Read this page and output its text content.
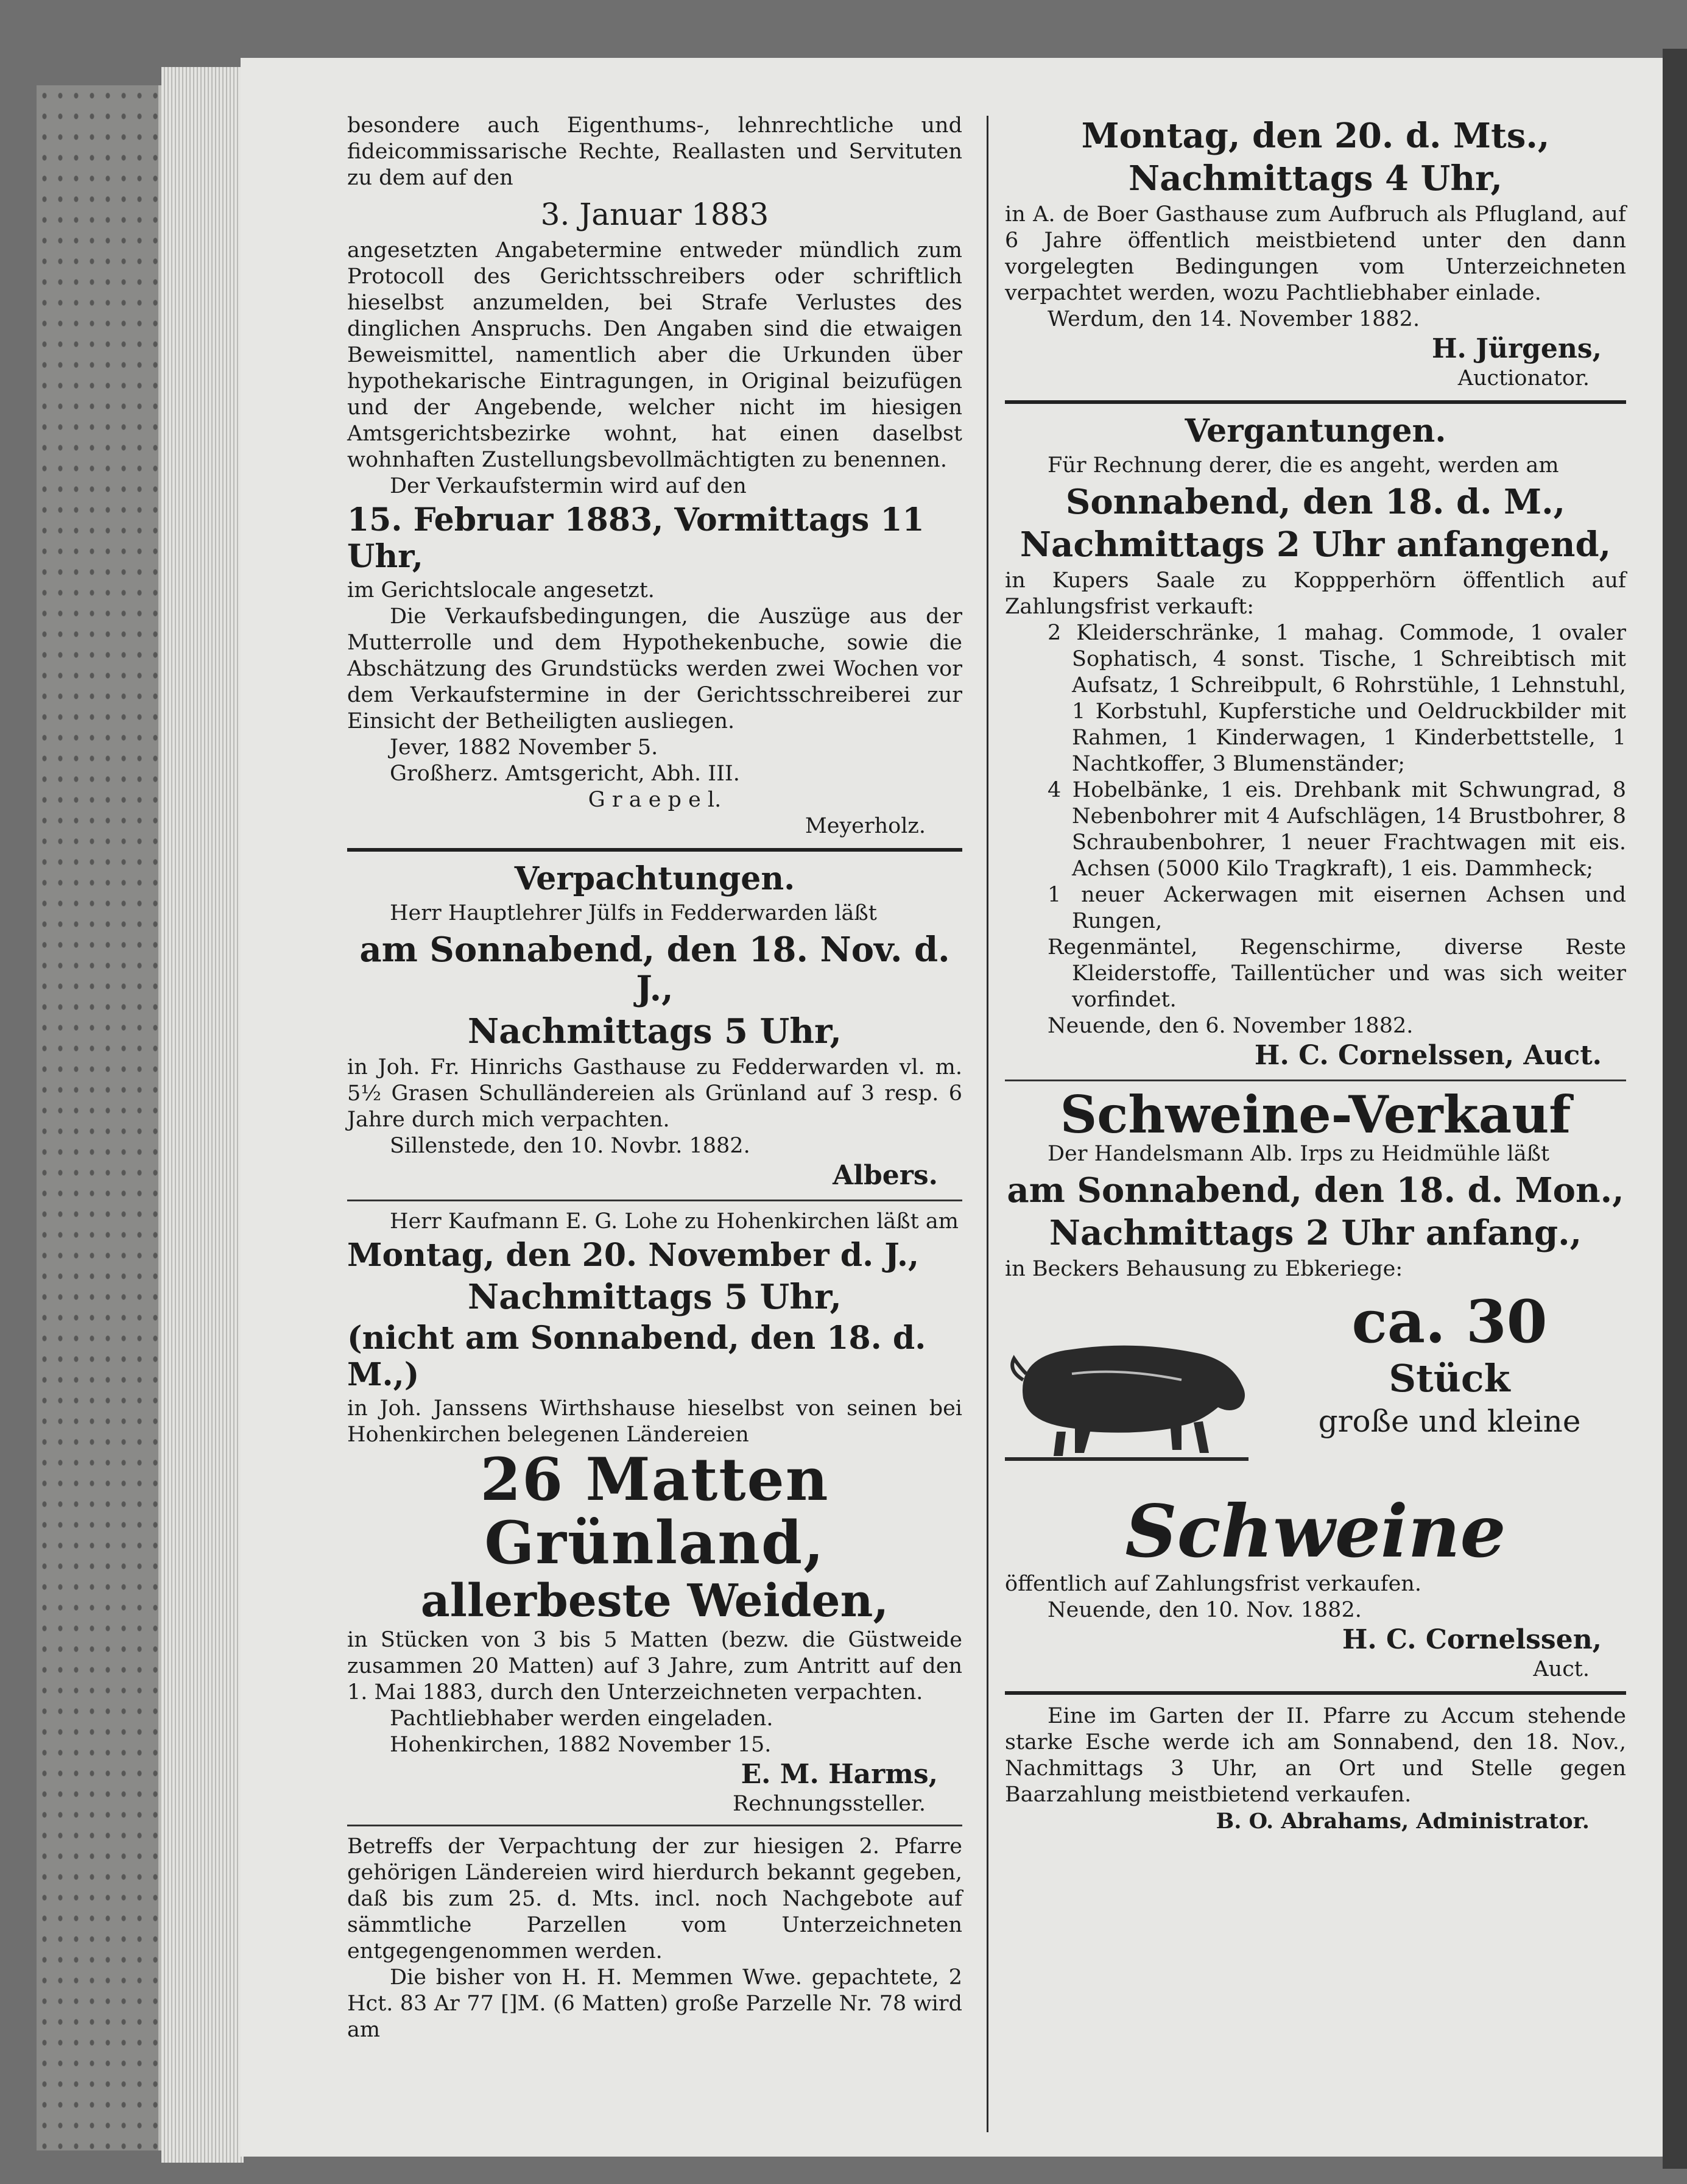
besondere auch Eigenthums-, lehnrechtliche und fideicommissarische Rechte, Reallasten und Servituten zu dem auf den

3. Januar 1883

angesetzten Angabetermine entweder mündlich zum Protocoll des Gerichtsschreibers oder schriftlich hieselbst anzumelden, bei Strafe Verlustes des dinglichen Anspruchs. Den Angaben sind die etwaigen Beweismittel, namentlich aber die Urkunden über hypothekarische Eintragungen, in Original beizufügen und der Angebende, welcher nicht im hiesigen Amtsgerichtsbezirke wohnt, hat einen daselbst wohnhaften Zustellungsbevollmächtigten zu benennen.

Der Verkaufstermin wird auf den

15. Februar 1883, Vormittags 11 Uhr,

im Gerichtslocale angesetzt.

Die Verkaufsbedingungen, die Auszüge aus der Mutterrolle und dem Hypothekenbuche, sowie die Abschätzung des Grundstücks werden zwei Wochen vor dem Verkaufstermine in der Gerichtsschreiberei zur Einsicht der Betheiligten ausliegen.

Jever, 1882 November 5.

Großherz. Amtsgericht, Abh. III.

G r a e p e l.

Meyerholz.

Verpachtungen.

Herr Hauptlehrer Jülfs in Fedderwarden läßt

am Sonnabend, den 18. Nov. d. J.,
Nachmittags 5 Uhr,

in Joh. Fr. Hinrichs Gasthause zu Fedderwarden vl. m. 5½ Grasen Schulländereien als Grünland auf 3 resp. 6 Jahre durch mich verpachten.

Sillenstede, den 10. Novbr. 1882.

Albers.

Herr Kaufmann E. G. Lohe zu Hohenkirchen läßt am

Montag, den 20. November d. J.,
Nachmittags 5 Uhr,
(nicht am Sonnabend, den 18. d. M.,)

in Joh. Janssens Wirthshause hieselbst von seinen bei Hohenkirchen belegenen Ländereien

26 Matten Grünland,
allerbeste Weiden,

in Stücken von 3 bis 5 Matten (bezw. die Güstweide zusammen 20 Matten) auf 3 Jahre, zum Antritt auf den 1. Mai 1883, durch den Unterzeichneten verpachten.

Pachtliebhaber werden eingeladen.

Hohenkirchen, 1882 November 15.

E. M. Harms,

Rechnungssteller.

Betreffs der Verpachtung der zur hiesigen 2. Pfarre gehörigen Ländereien wird hierdurch bekannt gegeben, daß bis zum 25. d. Mts. incl. noch Nachgebote auf sämmtliche Parzellen vom Unterzeichneten entgegengenommen werden.

Die bisher von H. H. Memmen Wwe. gepachtete, 2 Hct. 83 Ar 77 []M. (6 Matten) große Parzelle Nr. 78 wird am

Montag, den 20. d. Mts.,
Nachmittags 4 Uhr,

in A. de Boer Gasthause zum Aufbruch als Pflugland, auf 6 Jahre öffentlich meistbietend unter den dann vorgelegten Bedingungen vom Unterzeichneten verpachtet werden, wozu Pachtliebhaber einlade.

Werdum, den 14. November 1882.

H. Jürgens,

Auctionator.

Vergantungen.

Für Rechnung derer, die es angeht, werden am

Sonnabend, den 18. d. M.,
Nachmittags 2 Uhr anfangend,

in Kupers Saale zu Koppperhörn öffentlich auf Zahlungsfrist verkauft:

2 Kleiderschränke, 1 mahag. Commode, 1 ovaler Sophatisch, 4 sonst. Tische, 1 Schreibtisch mit Aufsatz, 1 Schreibpult, 6 Rohrstühle, 1 Lehnstuhl, 1 Korbstuhl, Kupferstiche und Oeldruckbilder mit Rahmen, 1 Kinderwagen, 1 Kinderbettstelle, 1 Nachtkoffer, 3 Blumenständer;

4 Hobelbänke, 1 eis. Drehbank mit Schwungrad, 8 Nebenbohrer mit 4 Aufschlägen, 14 Brustbohrer, 8 Schraubenbohrer, 1 neuer Frachtwagen mit eis. Achsen (5000 Kilo Tragkraft), 1 eis. Dammheck;

1 neuer Ackerwagen mit eisernen Achsen und Rungen,

Regenmäntel, Regenschirme, diverse Reste Kleiderstoffe, Taillentücher und was sich weiter vorfindet.

Neuende, den 6. November 1882.

H. C. Cornelssen, Auct.
Schweine-Verkauf

Der Handelsmann Alb. Irps zu Heidmühle läßt

am Sonnabend, den 18. d. Mon.,
Nachmittags 2 Uhr anfang.,

in Beckers Behausung zu Ebkeriege:

ca. 30
Stück
große und kleine
Schweine

öffentlich auf Zahlungsfrist verkaufen.

Neuende, den 10. Nov. 1882.

H. C. Cornelssen,

Auct.

Eine im Garten der II. Pfarre zu Accum stehende starke Esche werde ich am Sonnabend, den 18. Nov., Nachmittags 3 Uhr, an Ort und Stelle gegen Baarzahlung meistbietend verkaufen.

B. O. Abrahams, Administrator.
